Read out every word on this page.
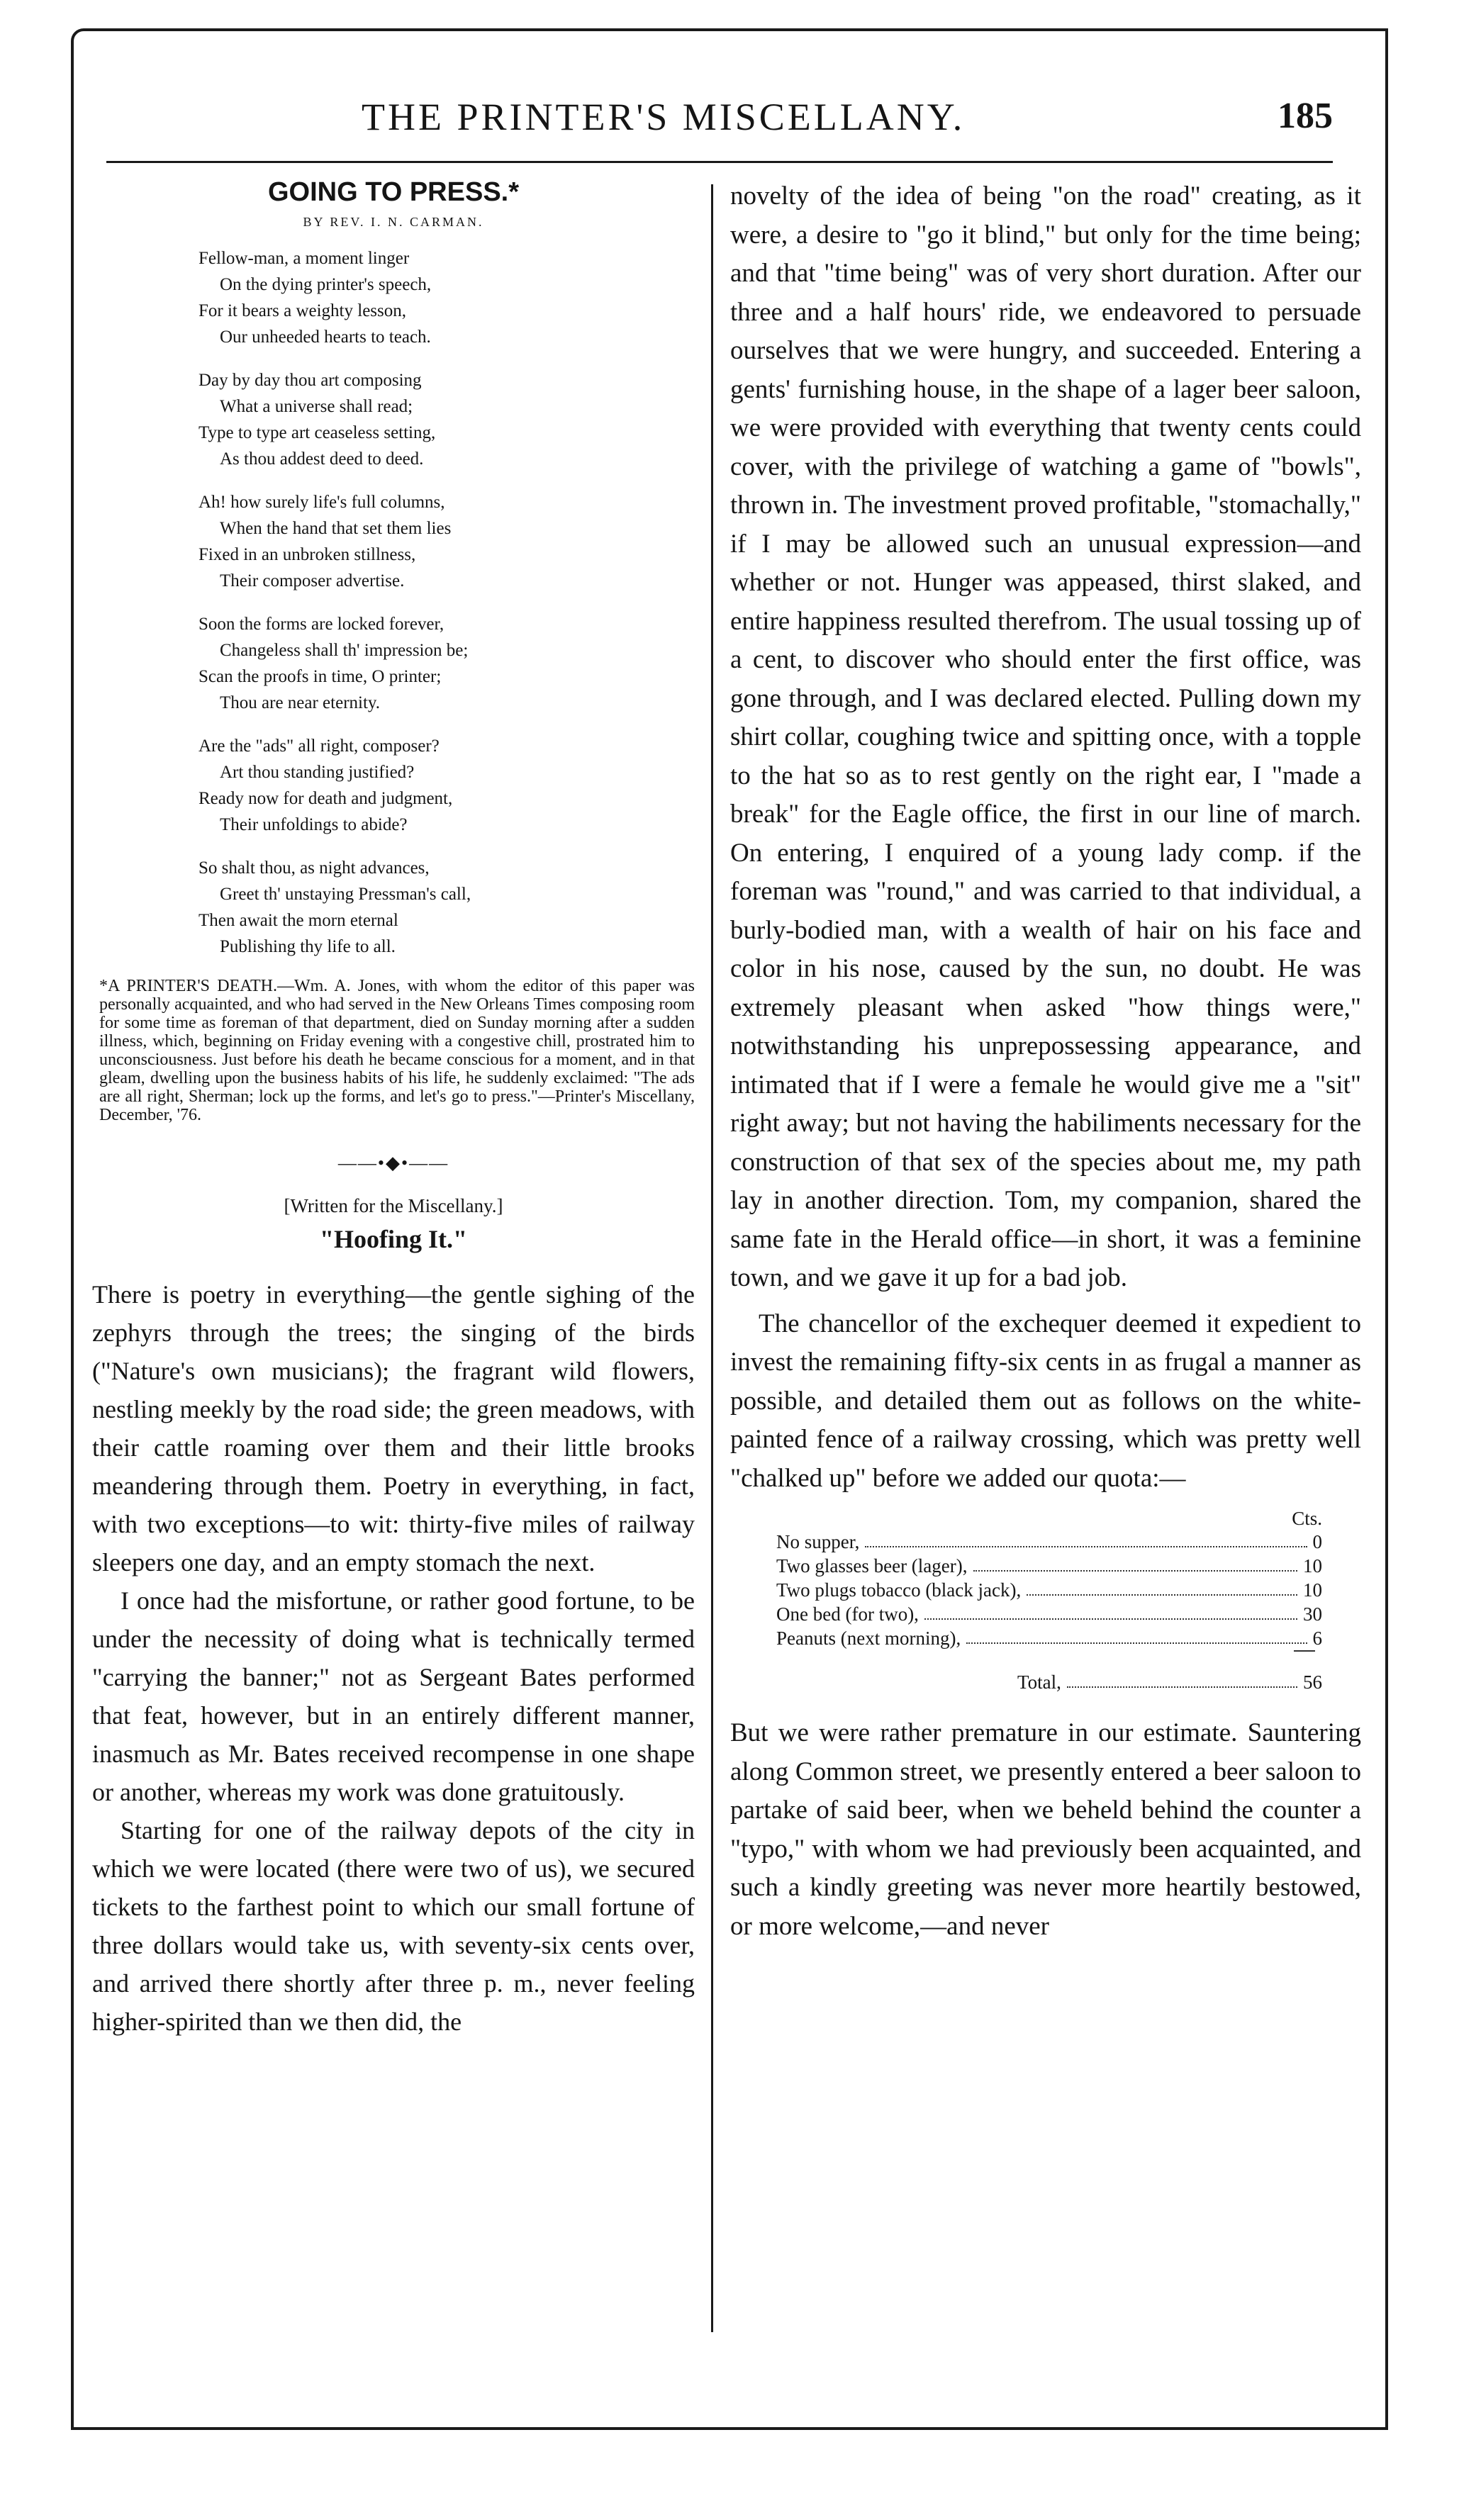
THE PRINTER'S MISCELLANY.	185
GOING TO PRESS.*
BY REV. I. N. CARMAN.
Fellow-man, a moment linger
On the dying printer's speech,
For it bears a weighty lesson,
Our unheeded hearts to teach.
Day by day thou art composing
What a universe shall read;
Type to type art ceaseless setting,
As thou addest deed to deed.
Ah! how surely life's full columns,
When the hand that set them lies
Fixed in an unbroken stillness,
Their composer advertise.
Soon the forms are locked forever,
Changeless shall th' impression be;
Scan the proofs in time, O printer;
Thou are near eternity.
Are the "ads" all right, composer?
Art thou standing justified?
Ready now for death and judgment,
Their unfoldings to abide?
So shalt thou, as night advances,
Greet th' unstaying Pressman's call,
Then await the morn eternal
Publishing thy life to all.
*A PRINTER'S DEATH.—Wm. A. Jones, with whom the editor of this paper was personally acquainted, and who had served in the New Orleans Times composing room for some time as foreman of that department, died on Sunday morning after a sudden illness, which, beginning on Friday evening with a congestive chill, prostrated him to unconsciousness. Just before his death he became conscious for a moment, and in that gleam, dwelling upon the business habits of his life, he suddenly exclaimed: "The ads are all right, Sherman; lock up the forms, and let's go to press."—Printer's Miscellany, December, '76.
——•◆•——
[Written for the Miscellany.]
"Hoofing It."

There is poetry in everything—the gentle sighing of the zephyrs through the trees; the singing of the birds ("Nature's own musicians); the fragrant wild flowers, nestling meekly by the road side; the green meadows, with their cattle roaming over them and their little brooks meandering through them. Poetry in everything, in fact, with two exceptions—to wit: thirty-five miles of railway sleepers one day, and an empty stomach the next.

I once had the misfortune, or rather good fortune, to be under the necessity of doing what is technically termed "carrying the banner;" not as Sergeant Bates performed that feat, however, but in an entirely different manner, inasmuch as Mr. Bates received recompense in one shape or another, whereas my work was done gratuitously.

Starting for one of the railway depots of the city in which we were located (there were two of us), we secured tickets to the farthest point to which our small fortune of three dollars would take us, with seventy-six cents over, and arrived there shortly after three p. m., never feeling higher-spirited than we then did, the

novelty of the idea of being "on the road" creating, as it were, a desire to "go it blind," but only for the time being; and that "time being" was of very short duration. After our three and a half hours' ride, we endeavored to persuade ourselves that we were hungry, and succeeded. Entering a gents' furnishing house, in the shape of a lager beer saloon, we were provided with everything that twenty cents could cover, with the privilege of watching a game of "bowls", thrown in. The investment proved profitable, "stomachally," if I may be allowed such an unusual expression—and whether or not. Hunger was appeased, thirst slaked, and entire happiness resulted therefrom. The usual tossing up of a cent, to discover who should enter the first office, was gone through, and I was declared elected. Pulling down my shirt collar, coughing twice and spitting once, with a topple to the hat so as to rest gently on the right ear, I "made a break" for the Eagle office, the first in our line of march. On entering, I enquired of a young lady comp. if the foreman was "round," and was carried to that individual, a burly-bodied man, with a wealth of hair on his face and color in his nose, caused by the sun, no doubt. He was extremely pleasant when asked "how things were," notwithstanding his unprepossessing appearance, and intimated that if I were a female he would give me a "sit" right away; but not having the habiliments necessary for the construction of that sex of the species about me, my path lay in another direction. Tom, my companion, shared the same fate in the Herald office—in short, it was a feminine town, and we gave it up for a bad job.

The chancellor of the exchequer deemed it expedient to invest the remaining fifty-six cents in as frugal a manner as possible, and detailed them out as follows on the white-painted fence of a railway crossing, which was pretty well "chalked up" before we added our quota:—

Cts.
No supper,	0
Two glasses beer (lager),	10
Two plugs tobacco (black jack),	10
One bed (for two),	30
Peanuts (next morning),	6
Total,	56

But we were rather premature in our estimate. Sauntering along Common street, we presently entered a beer saloon to partake of said beer, when we beheld behind the counter a "typo," with whom we had previously been acquainted, and such a kindly greeting was never more heartily bestowed, or more welcome,—and never
